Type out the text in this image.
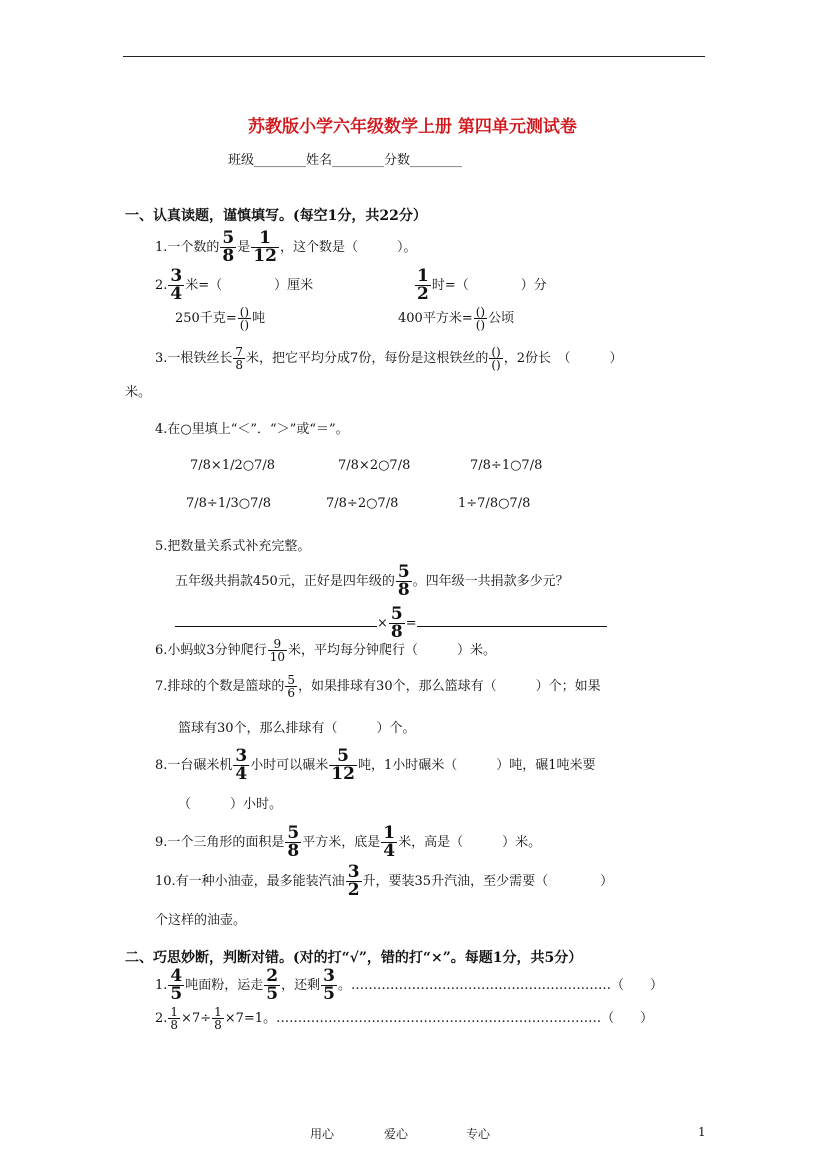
苏教版小学六年级数学上册 第四单元测试卷
班级________姓名________分数________
一、认真读题，谨慎填写。(每空1分，共22分）
1.一个数的 $\frac{5}{8}$ 是 $\frac{1}{12}$ ，这个数是（　　　）。
2. $\frac{3}{4}$ 米=（　　　　）厘米	$\frac{1}{2}$ 时=（　　　　）分
250千克= $\frac{()}{()}$ 吨	400平方米= $\frac{()}{()}$ 公顷
3.一根铁丝长 $\frac{7}{8}$ 米，把它平均分成7份，每份是这根铁丝的 $\frac{()}{()}$ ，2份长　（　　　）
米。
4.在○里填上“＜”．“＞”或“＝”。
7/8×1/2○7/8	7/8×2○7/8	7/8÷1○7/8
7/8÷1/3○7/8	7/8÷2○7/8	1÷7/8○7/8
5.把数量关系式补充完整。
五年级共捐款450元，正好是四年级的 $\frac{5}{8}$ 。四年级一共捐款多少元？
× $\frac{5}{8}$ =
6.小蚂蚁3分钟爬行 $\frac{9}{10}$ 米，平均每分钟爬行（　　　）米。
7.排球的个数是篮球的 $\frac{5}{6}$ ，如果排球有30个，那么篮球有（　　　）个；如果
篮球有30个，那么排球有（　　　）个。
8.一台碾米机 $\frac{3}{4}$ 小时可以碾米 $\frac{5}{12}$ 吨，1小时碾米（　　　）吨，碾1吨米要
（　　　）小时。
9.一个三角形的面积是 $\frac{5}{8}$ 平方米，底是 $\frac{1}{4}$ 米，高是（　　　）米。
10.有一种小油壶，最多能装汽油 $\frac{3}{2}$ 升，要装35升汽油，至少需要（　　　　）
个这样的油壶。
二、巧思妙断，判断对错。(对的打“√”，错的打“×”。每题1分，共5分）
1. $\frac{4}{5}$ 吨面粉，运走 $\frac{2}{5}$ ，还剩 $\frac{3}{5}$ 。……………………………………………………（　　）
2. $\frac{1}{8} \times 7\div \frac{1}{8} \times 7=1$。…………………………………………………………………（　　）
用心	爱心	专心	1
